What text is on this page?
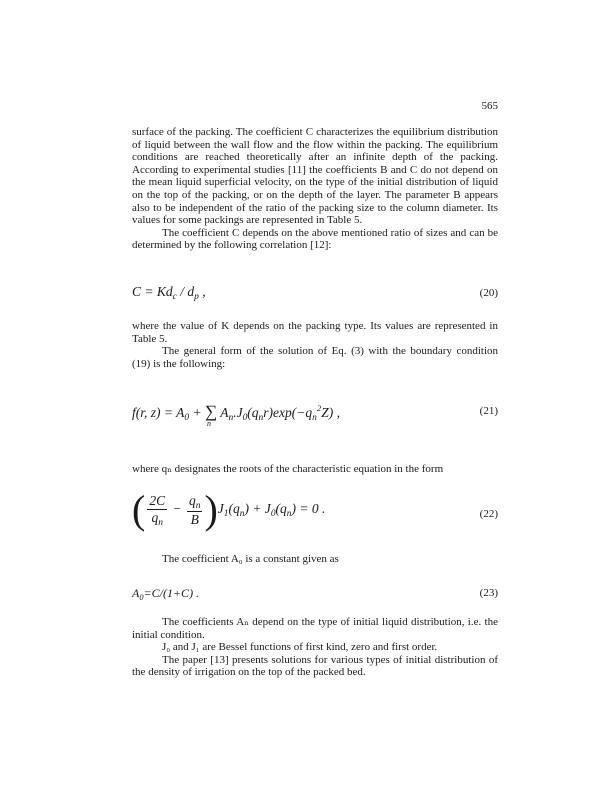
565

surface of the packing. The coefficient C characterizes the equilibrium distribution of liquid between the wall flow and the flow within the packing. The equilibrium conditions are reached theoretically after an infinite depth of the packing. According to experimental studies [11] the coefficients B and C do not depend on the mean liquid superficial velocity, on the type of the initial distribution of liquid on the top of the packing, or on the depth of the layer. The parameter B appears also to be independent of the ratio of the packing size to the column diameter. Its values for some packings are represented in Table 5.

The coefficient C depends on the above mentioned ratio of sizes and can be determined by the following correlation [12]:

$C = Kd_c / d_p$ ,	(20)

where the value of K depends on the packing type. Its values are represented in Table 5.

The general form of the solution of Eq. (3) with the boundary condition (19) is the following:

f(r, $z) = A_0$ + ∑
n
$A_n.J_0(q_nr)\exp(-q_n^2Z)$ ,	(21)

where qₙ designates the roots of the characteristic equation in the form

( $\frac{2C}{q_n} - \frac{q_n}{B} )J_1(q_n) + J_0(q_n) = 0$ .	(22)

The coefficient A₀ is a constant given as

$A_0=C/(1+C)$ .	(23)

The coefficients Aₙ depend on the type of initial liquid distribution, i.e. the initial condition.

J₀ and J₁ are Bessel functions of first kind, zero and first order.

The paper [13] presents solutions for various types of initial distribution of the density of irrigation on the top of the packed bed.
